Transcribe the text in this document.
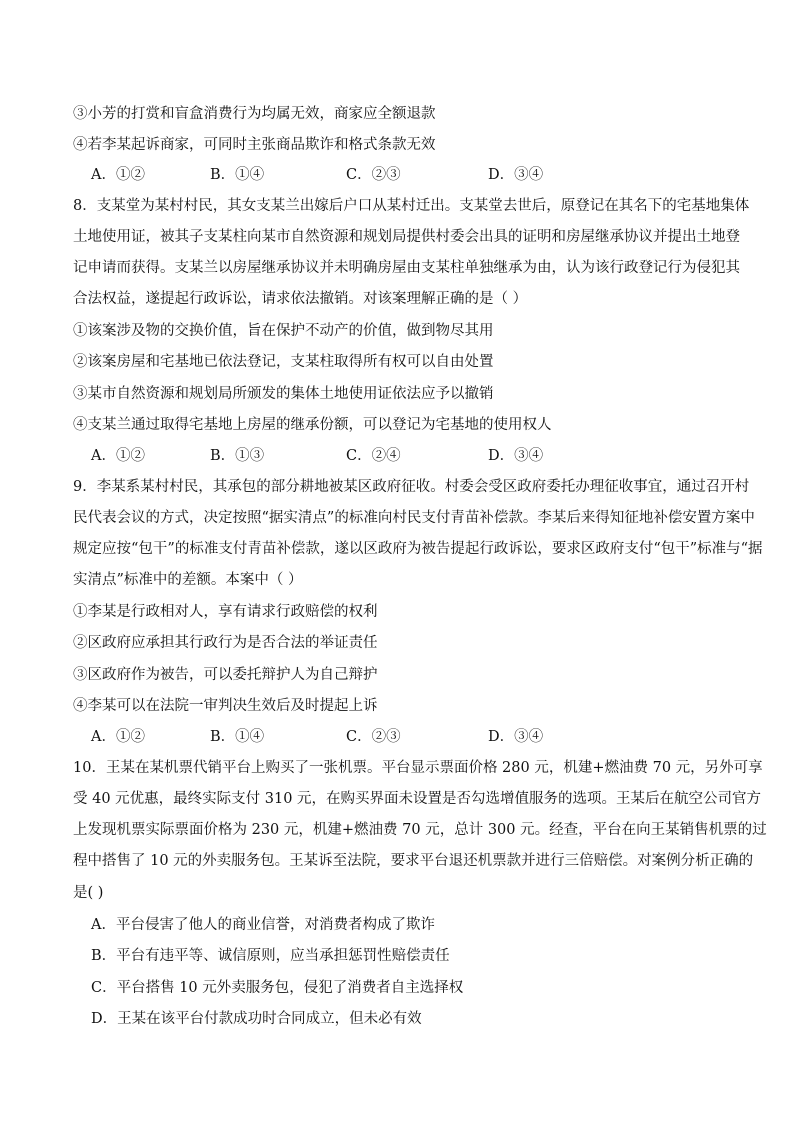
③小芳的打赏和盲盒消费行为均属无效，商家应全额退款
④若李某起诉商家，可同时主张商品欺诈和格式条款无效
A．①②	B．①④	C．②③	D．③④
8．支某堂为某村村民，其女支某兰出嫁后户口从某村迁出。支某堂去世后，原登记在其名下的宅基地集体
土地使用证，被其子支某柱向某市自然资源和规划局提供村委会出具的证明和房屋继承协议并提出土地登
记申请而获得。支某兰以房屋继承协议并未明确房屋由支某柱单独继承为由，认为该行政登记行为侵犯其
合法权益，遂提起行政诉讼，请求依法撤销。对该案理解正确的是（ ）
①该案涉及物的交换价值，旨在保护不动产的价值，做到物尽其用
②该案房屋和宅基地已依法登记，支某柱取得所有权可以自由处置
③某市自然资源和规划局所颁发的集体土地使用证依法应予以撤销
④支某兰通过取得宅基地上房屋的继承份额，可以登记为宅基地的使用权人
A．①②	B．①③	C．②④	D．③④
9．李某系某村村民，其承包的部分耕地被某区政府征收。村委会受区政府委托办理征收事宜，通过召开村
民代表会议的方式，决定按照“据实清点”的标准向村民支付青苗补偿款。李某后来得知征地补偿安置方案中
规定应按“包干”的标准支付青苗补偿款，遂以区政府为被告提起行政诉讼，要求区政府支付“包干”标准与“据
实清点”标准中的差额。本案中（ ）
①李某是行政相对人，享有请求行政赔偿的权利
②区政府应承担其行政行为是否合法的举证责任
③区政府作为被告，可以委托辩护人为自己辩护
④李某可以在法院一审判决生效后及时提起上诉
A．①②	B．①④	C．②③	D．③④
10．王某在某机票代销平台上购买了一张机票。平台显示票面价格 280 元，机建+燃油费 70 元，另外可享
受 40 元优惠，最终实际支付 310 元，在购买界面未设置是否勾选增值服务的选项。王某后在航空公司官方
上发现机票实际票面价格为 230 元，机建+燃油费 70 元，总计 300 元。经查，平台在向王某销售机票的过
程中搭售了 10 元的外卖服务包。王某诉至法院，要求平台退还机票款并进行三倍赔偿。对案例分析正确的
是( )
A．平台侵害了他人的商业信誉，对消费者构成了欺诈
B．平台有违平等、诚信原则，应当承担惩罚性赔偿责任
C．平台搭售 10 元外卖服务包，侵犯了消费者自主选择权
D．王某在该平台付款成功时合同成立，但未必有效
